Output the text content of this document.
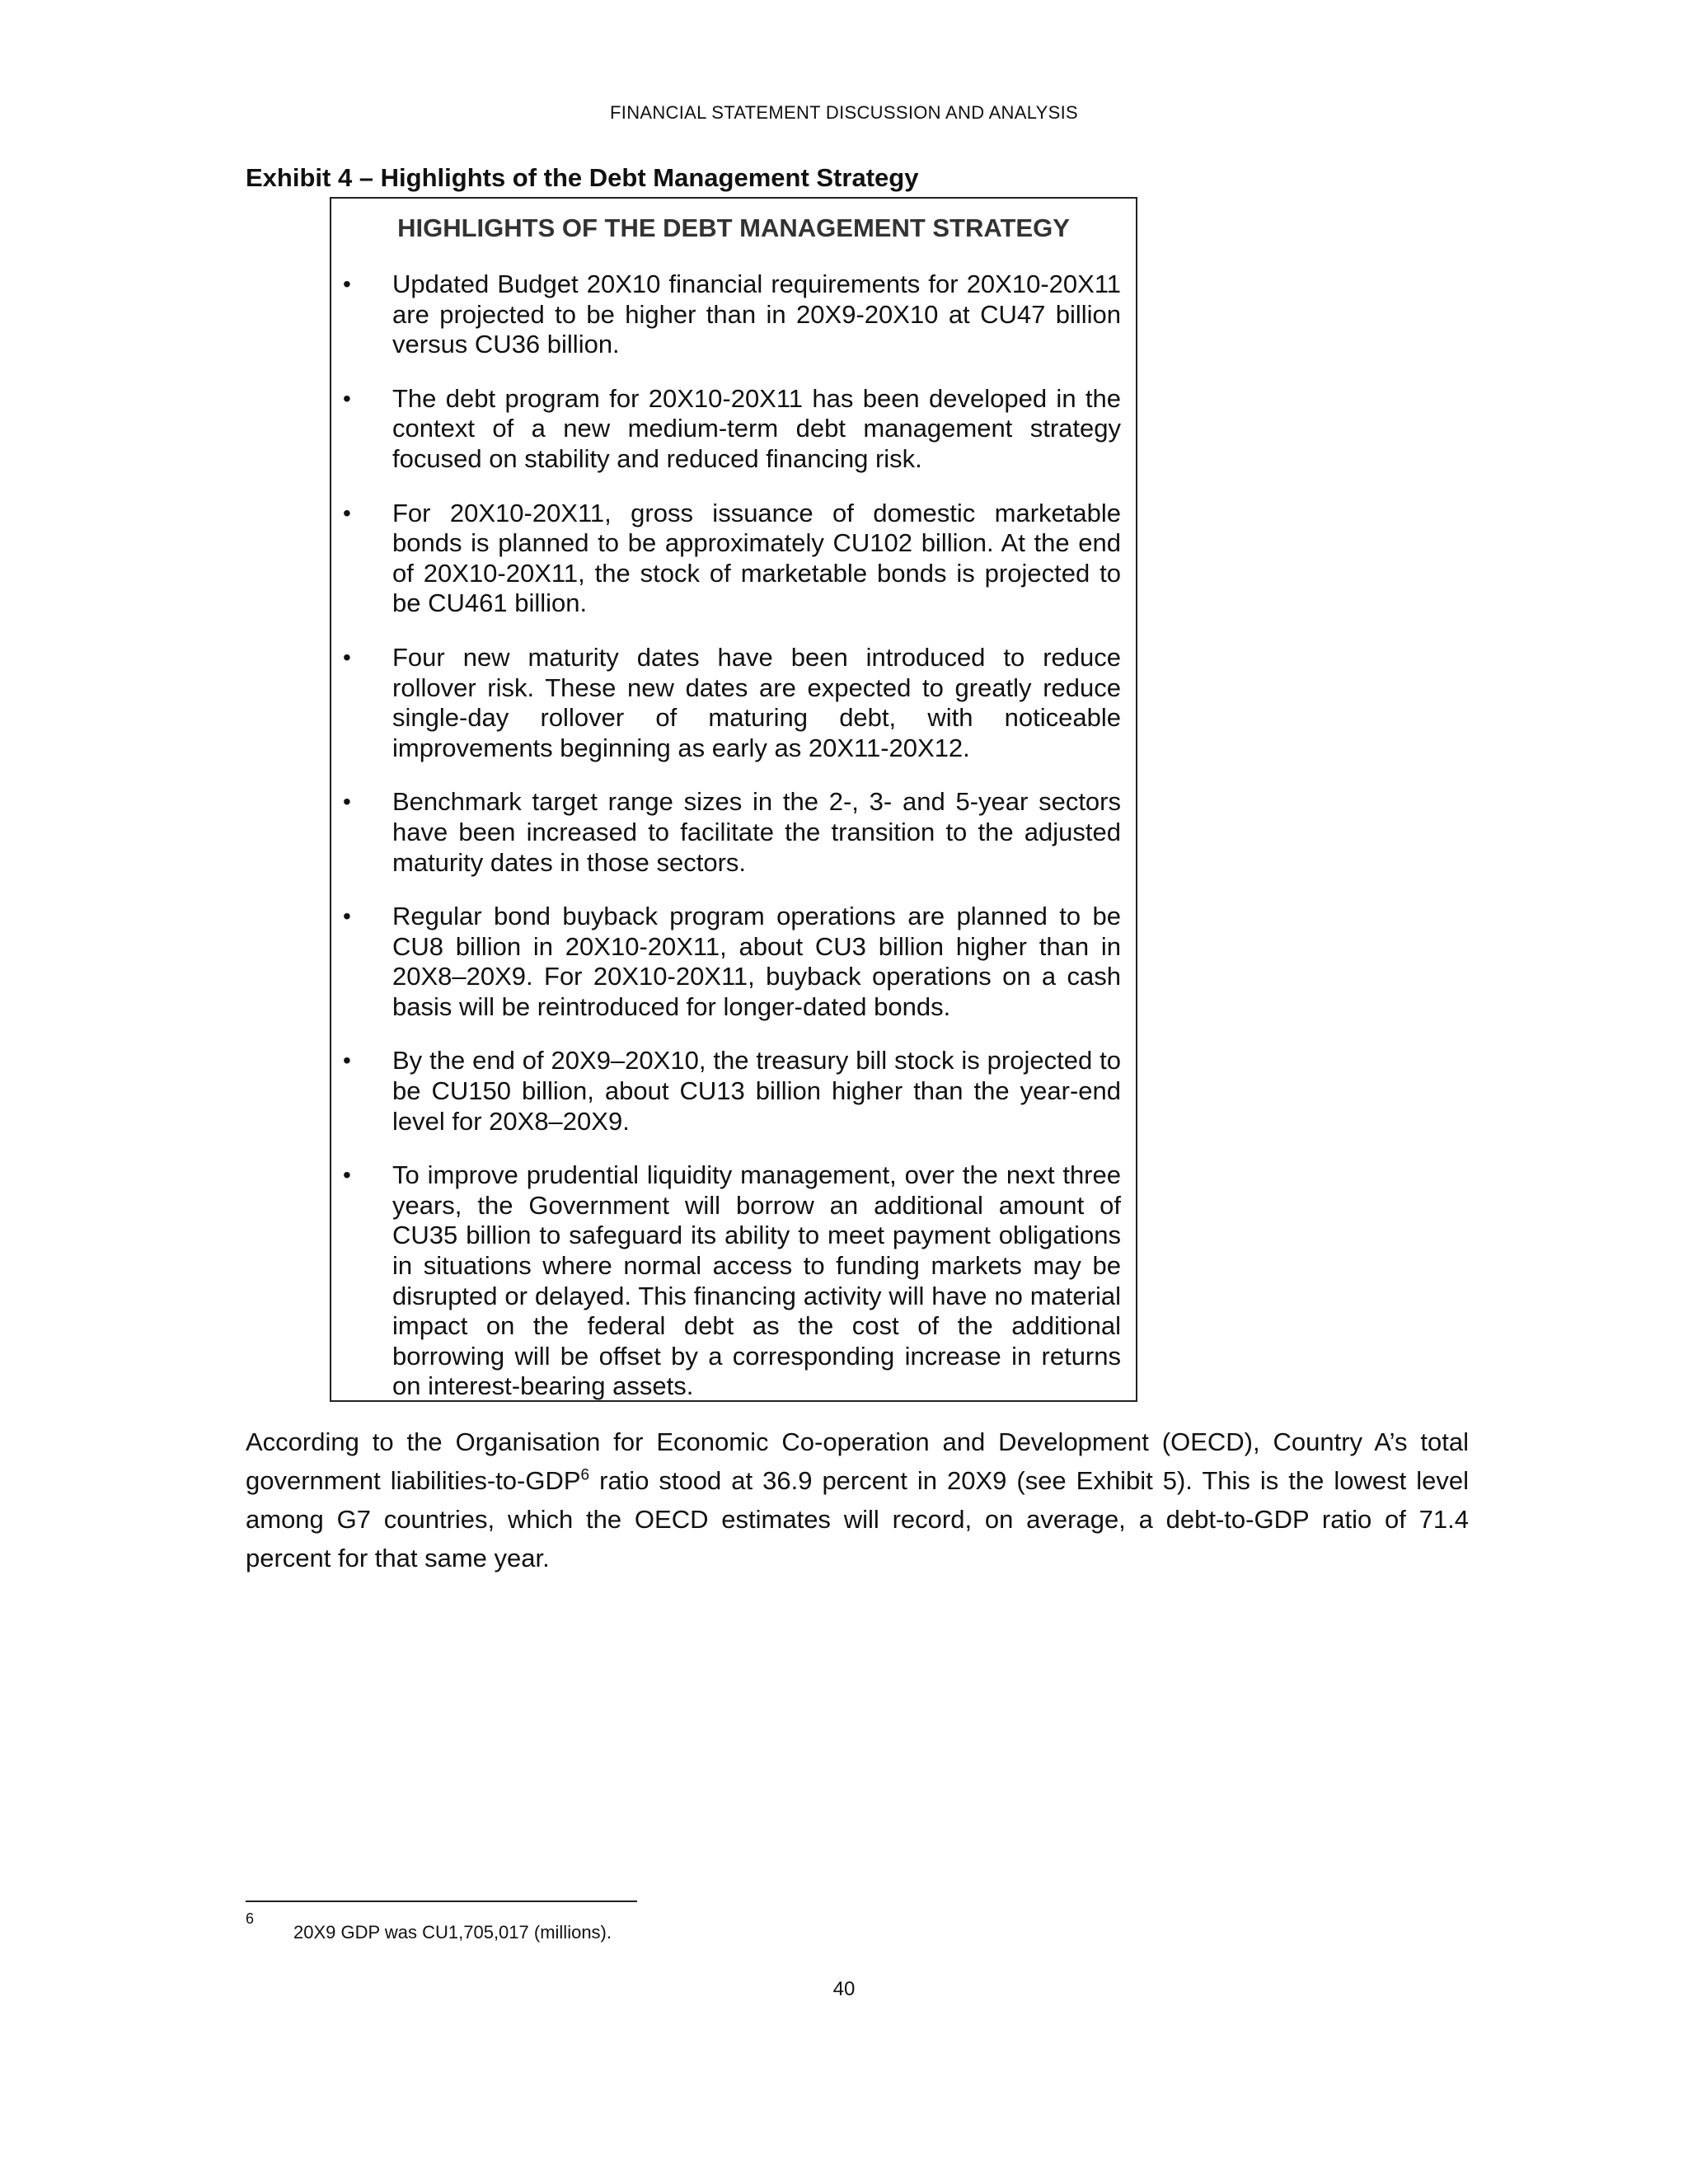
FINANCIAL STATEMENT DISCUSSION AND ANALYSIS
Exhibit 4 – Highlights of the Debt Management Strategy
HIGHLIGHTS OF THE DEBT MANAGEMENT STRATEGY
• Updated Budget 20X10 financial requirements for 20X10-20X11 are projected to be higher than in 20X9-20X10 at CU47 billion versus CU36 billion.
• The debt program for 20X10-20X11 has been developed in the context of a new medium-term debt management strategy focused on stability and reduced financing risk.
• For 20X10-20X11, gross issuance of domestic marketable bonds is planned to be approximately CU102 billion. At the end of 20X10-20X11, the stock of marketable bonds is projected to be CU461 billion.
• Four new maturity dates have been introduced to reduce rollover risk. These new dates are expected to greatly reduce single-day rollover of maturing debt, with noticeable improvements beginning as early as 20X11-20X12.
• Benchmark target range sizes in the 2-, 3- and 5-year sectors have been increased to facilitate the transition to the adjusted maturity dates in those sectors.
• Regular bond buyback program operations are planned to be CU8 billion in 20X10-20X11, about CU3 billion higher than in 20X8–20X9. For 20X10-20X11, buyback operations on a cash basis will be reintroduced for longer-dated bonds.
• By the end of 20X9–20X10, the treasury bill stock is projected to be CU150 billion, about CU13 billion higher than the year-end level for 20X8–20X9.
• To improve prudential liquidity management, over the next three years, the Government will borrow an additional amount of CU35 billion to safeguard its ability to meet payment obligations in situations where normal access to funding markets may be disrupted or delayed. This financing activity will have no material impact on the federal debt as the cost of the additional borrowing will be offset by a corresponding increase in returns on interest-bearing assets.
According to the Organisation for Economic Co-operation and Development (OECD), Country A’s total government liabilities-to-GDP$^6$ ratio stood at 36.9 percent in 20X9 (see Exhibit 5). This is the lowest level among G7 countries, which the OECD estimates will record, on average, a debt-to-GDP ratio of 71.4 percent for that same year.
6
20X9 GDP was CU1,705,017 (millions).
40
